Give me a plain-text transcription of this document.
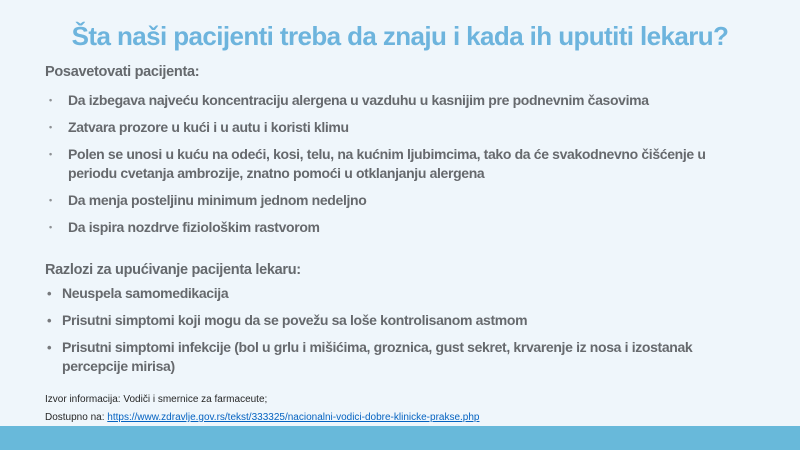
Šta naši pacijenti treba da znaju i kada ih uputiti lekaru?
Posavetovati pacijenta:
•	Da izbegava najveću koncentraciju alergena u vazduhu u kasnijim pre podnevnim časovima
•	Zatvara prozore u kući i u autu i koristi klimu
•	Polen se unosi u kuću na odeći, kosi, telu, na kućnim ljubimcima, tako da će svakodnevno čišćenje u periodu cvetanja ambrozije, znatno pomoći u otklanjanju alergena
•	Da menja posteljinu minimum jednom nedeljno
•	Da ispira nozdrve fiziološkim rastvorom
Razlozi za upućivanje pacijenta lekaru:
• Neuspela samomedikacija
• Prisutni simptomi koji mogu da se povežu sa loše kontrolisanom astmom
• Prisutni simptomi infekcije (bol u grlu i mišićima, groznica, gust sekret, krvarenje iz nosa i izostanak percepcije mirisa)
Izvor informacija: Vodiči i smernice za farmaceute;
Dostupno na: https://www.zdravlje.gov.rs/tekst/333325/nacionalni-vodici-dobre-klinicke-prakse.php
